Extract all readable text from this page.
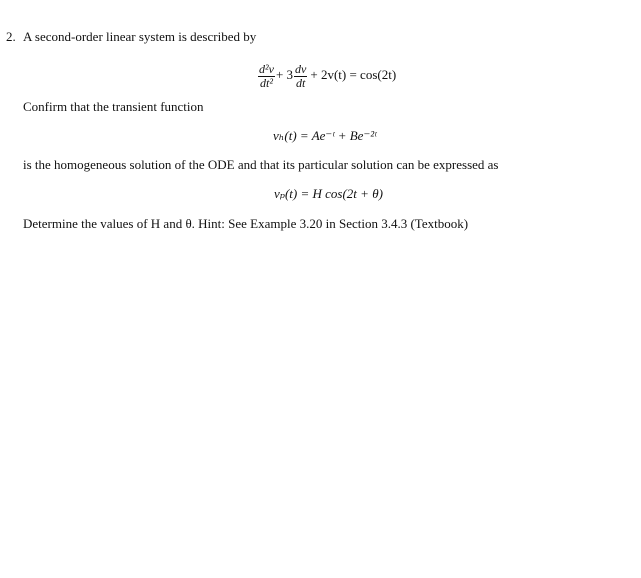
2. A second-order linear system is described by
$\frac{\text{d²v}}{\text{dt²}} + 3 \frac{dv}{dt} + 2v(t) = \cos(2t)$
Confirm that the transient function
vₕ(t) = Ae⁻ᵗ + Be⁻²ᵗ
is the homogeneous solution of the ODE and that its particular solution can be expressed as
vₚ(t) = H cos(2t + θ)
Determine the values of H and θ. Hint: See Example 3.20 in Section 3.4.3 (Textbook)
